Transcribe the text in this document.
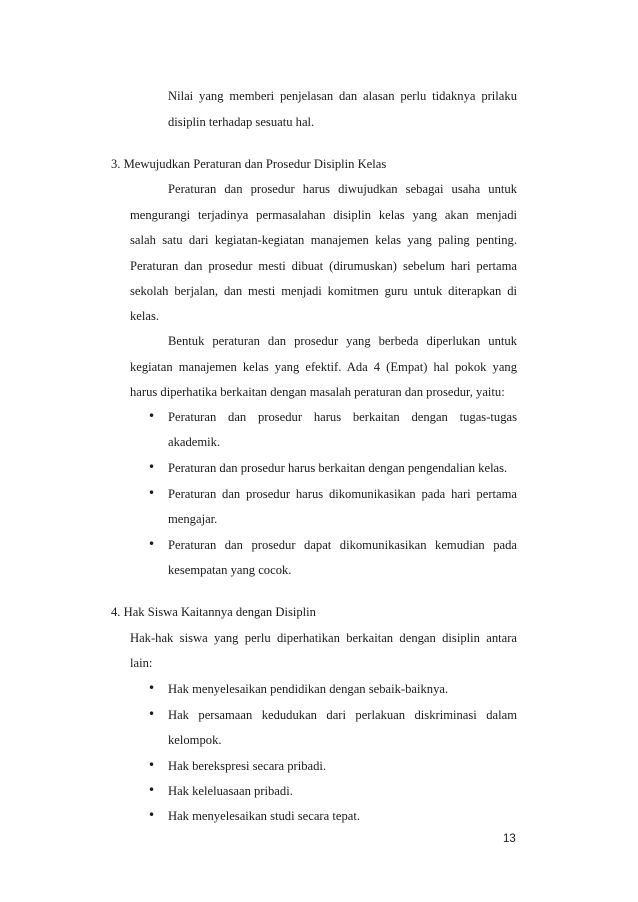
Nilai yang memberi penjelasan dan alasan perlu tidaknya prilaku
disiplin terhadap sesuatu hal.
3. Mewujudkan Peraturan dan Prosedur Disiplin Kelas
Peraturan dan prosedur harus diwujudkan sebagai usaha untuk
mengurangi terjadinya permasalahan disiplin kelas yang akan menjadi
salah satu dari kegiatan-kegiatan manajemen kelas yang paling penting.
Peraturan dan prosedur mesti dibuat (dirumuskan) sebelum hari pertama
sekolah berjalan, dan mesti menjadi komitmen guru untuk diterapkan di
kelas.
Bentuk peraturan dan prosedur yang berbeda diperlukan untuk
kegiatan manajemen kelas yang efektif. Ada 4 (Empat) hal pokok yang
harus diperhatika berkaitan dengan masalah peraturan dan prosedur, yaitu:
• Peraturan dan prosedur harus berkaitan dengan tugas-tugas
akademik.
• Peraturan dan prosedur harus berkaitan dengan pengendalian kelas.
• Peraturan dan prosedur harus dikomunikasikan pada hari pertama
mengajar.
• Peraturan dan prosedur dapat dikomunikasikan kemudian pada
kesempatan yang cocok.
4. Hak Siswa Kaitannya dengan Disiplin
Hak-hak siswa yang perlu diperhatikan berkaitan dengan disiplin antara
lain:
• Hak menyelesaikan pendidikan dengan sebaik-baiknya.
• Hak persamaan kedudukan dari perlakuan diskriminasi dalam
kelompok.
• Hak berekspresi secara pribadi.
• Hak keleluasaan pribadi.
• Hak menyelesaikan studi secara tepat.
13
